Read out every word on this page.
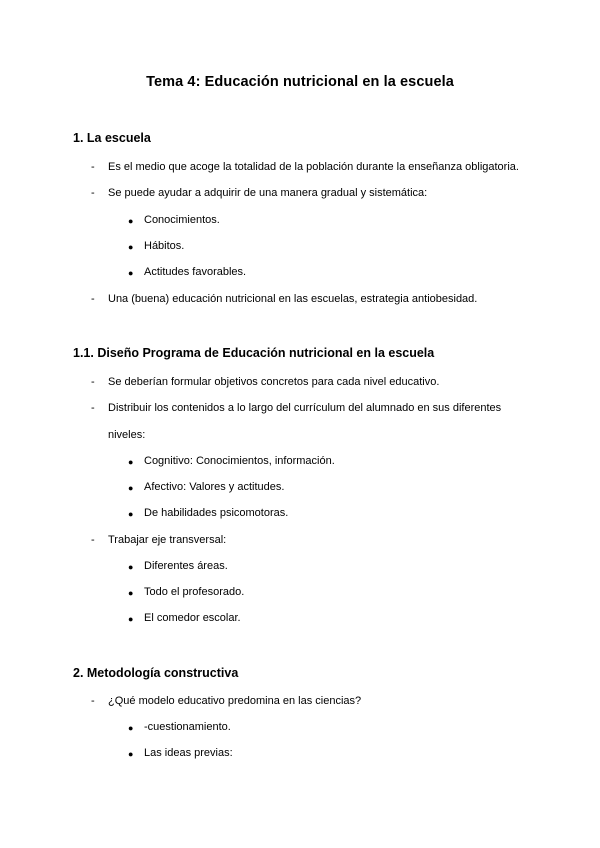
Tema 4: Educación nutricional en la escuela
1. La escuela
- Es el medio que acoge la totalidad de la población durante la enseñanza obligatoria.
- Se puede ayudar a adquirir de una manera gradual y sistemática:
● Conocimientos.
● Hábitos.
● Actitudes favorables.
- Una (buena) educación nutricional en las escuelas, estrategia antiobesidad.
1.1. Diseño Programa de Educación nutricional en la escuela
- Se deberían formular objetivos concretos para cada nivel educativo.
- Distribuir los contenidos a lo largo del currículum del alumnado en sus diferentes
niveles:
● Cognitivo: Conocimientos, información.
● Afectivo: Valores y actitudes.
● De habilidades psicomotoras.
- Trabajar eje transversal:
● Diferentes áreas.
● Todo el profesorado.
● El comedor escolar.
2. Metodología constructiva
- ¿Qué modelo educativo predomina en las ciencias?
● -cuestionamiento.
● Las ideas previas:
